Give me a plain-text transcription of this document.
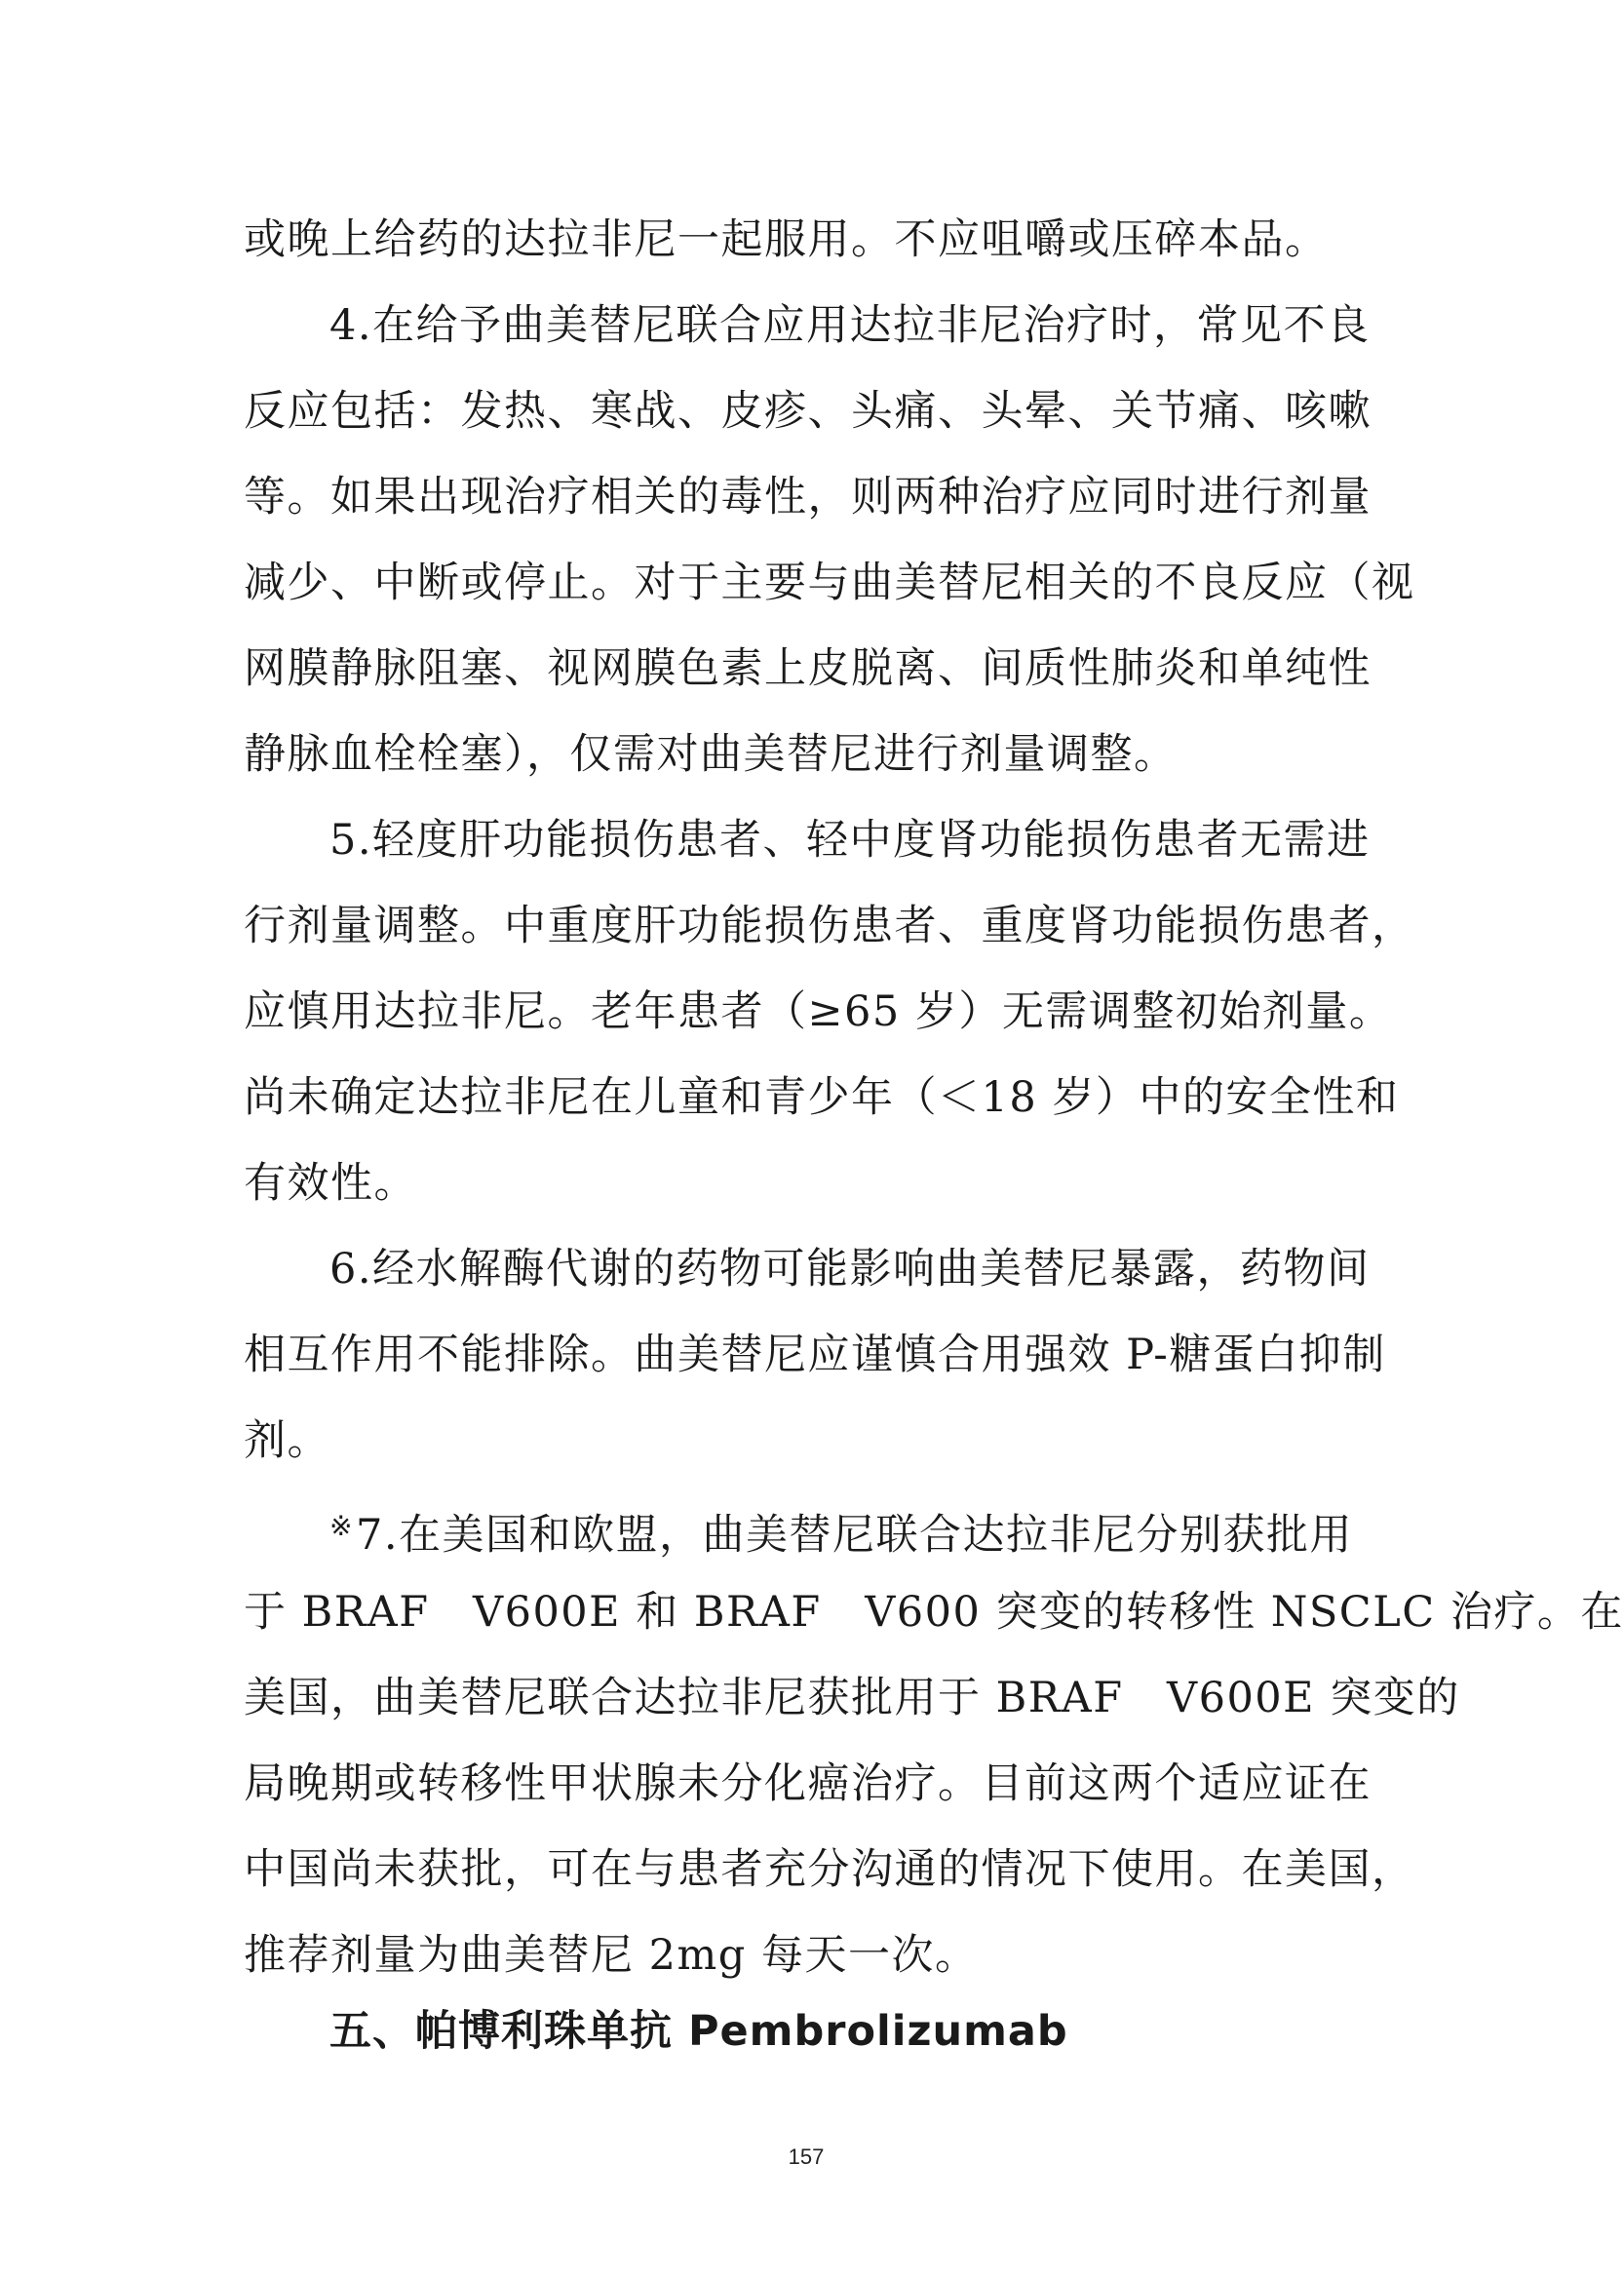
或晚上给药的达拉非尼一起服用。不应咀嚼或压碎本品。
4.在给予曲美替尼联合应用达拉非尼治疗时，常见不良
反应包括：发热、寒战、皮疹、头痛、头晕、关节痛、咳嗽
等。如果出现治疗相关的毒性，则两种治疗应同时进行剂量
减少、中断或停止。对于主要与曲美替尼相关的不良反应（视
网膜静脉阻塞、视网膜色素上皮脱离、间质性肺炎和单纯性
静脉血栓栓塞），仅需对曲美替尼进行剂量调整。
5.轻度肝功能损伤患者、轻中度肾功能损伤患者无需进
行剂量调整。中重度肝功能损伤患者、重度肾功能损伤患者，
应慎用达拉非尼。老年患者（≥65 岁）无需调整初始剂量。
尚未确定达拉非尼在儿童和青少年（＜18 岁）中的安全性和
有效性。
6.经水解酶代谢的药物可能影响曲美替尼暴露，药物间
相互作用不能排除。曲美替尼应谨慎合用强效 P-糖蛋白抑制
剂。
※7.在美国和欧盟，曲美替尼联合达拉非尼分别获批用
于 BRAF　V600E 和 BRAF　V600 突变的转移性 NSCLC 治疗。在
美国，曲美替尼联合达拉非尼获批用于 BRAF　V600E 突变的
局晚期或转移性甲状腺未分化癌治疗。目前这两个适应证在
中国尚未获批，可在与患者充分沟通的情况下使用。在美国，
推荐剂量为曲美替尼 2mg 每天一次。
五、帕博利珠单抗 Pembrolizumab
157
